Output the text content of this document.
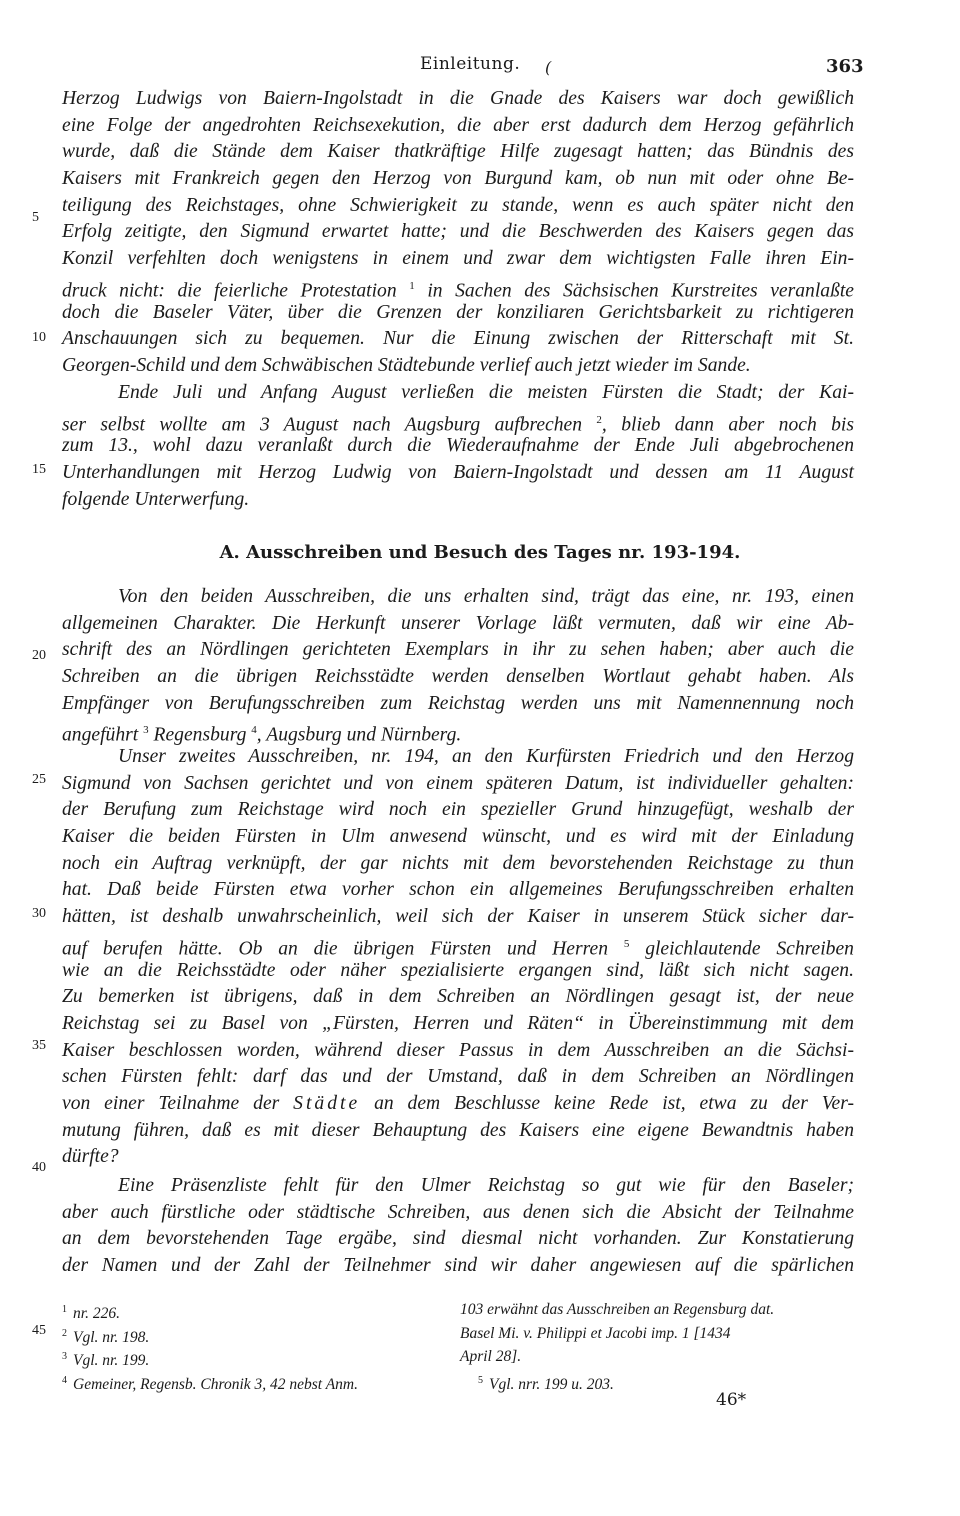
Einleitung. (	363
Herzog Ludwigs von Baiern-Ingolstadt in die Gnade des Kaisers war doch gewißlich
eine Folge der angedrohten Reichsexekution, die aber erst dadurch dem Herzog gefährlich
wurde, daß die Stände dem Kaiser thatkräftige Hilfe zugesagt hatten; das Bündnis des
Kaisers mit Frankreich gegen den Herzog von Burgund kam, ob nun mit oder ohne Be-
teiligung des Reichstages, ohne Schwierigkeit zu stande, wenn es auch später nicht den
Erfolg zeitigte, den Sigmund erwartet hatte; und die Beschwerden des Kaisers gegen das
Konzil verfehlten doch wenigstens in einem und zwar dem wichtigsten Falle ihren Ein-
druck nicht: die feierliche Protestation $^1$ in Sachen des Sächsischen Kurstreites veranlaßte
doch die Baseler Väter, über die Grenzen der konziliaren Gerichtsbarkeit zu richtigeren
Anschauungen sich zu bequemen. Nur die Einung zwischen der Ritterschaft mit St.
Georgen-Schild und dem Schwäbischen Städtebunde verlief auch jetzt wieder im Sande.
Ende Juli und Anfang August verließen die meisten Fürsten die Stadt; der Kai-
ser selbst wollte am 3 August nach Augsburg aufbrechen $^2$, blieb dann aber noch bis
zum 13., wohl dazu veranlaßt durch die Wiederaufnahme der Ende Juli abgebrochenen
Unterhandlungen mit Herzog Ludwig von Baiern-Ingolstadt und dessen am 11 August
folgende Unterwerfung.
A. Ausschreiben und Besuch des Tages nr. 193-194.
Von den beiden Ausschreiben, die uns erhalten sind, trägt das eine, nr. 193, einen
allgemeinen Charakter. Die Herkunft unserer Vorlage läßt vermuten, daß wir eine Ab-
schrift des an Nördlingen gerichteten Exemplars in ihr zu sehen haben; aber auch die
Schreiben an die übrigen Reichsstädte werden denselben Wortlaut gehabt haben. Als
Empfänger von Berufungsschreiben zum Reichstag werden uns mit Namennennung noch
angeführt $^3$ Regensburg $^4$, Augsburg und Nürnberg.
Unser zweites Ausschreiben, nr. 194, an den Kurfürsten Friedrich und den Herzog
Sigmund von Sachsen gerichtet und von einem späteren Datum, ist individueller gehalten:
der Berufung zum Reichstage wird noch ein spezieller Grund hinzugefügt, weshalb der
Kaiser die beiden Fürsten in Ulm anwesend wünscht, und es wird mit der Einladung
noch ein Auftrag verknüpft, der gar nichts mit dem bevorstehenden Reichstage zu thun
hat. Daß beide Fürsten etwa vorher schon ein allgemeines Berufungsschreiben erhalten
hätten, ist deshalb unwahrscheinlich, weil sich der Kaiser in unserem Stück sicher dar-
auf berufen hätte. Ob an die übrigen Fürsten und Herren $^5$ gleichlautende Schreiben
wie an die Reichsstädte oder näher spezialisierte ergangen sind, läßt sich nicht sagen.
Zu bemerken ist übrigens, daß in dem Schreiben an Nördlingen gesagt ist, der neue
Reichstag sei zu Basel von „Fürsten, Herren und Räten“ in Übereinstimmung mit dem
Kaiser beschlossen worden, während dieser Passus in dem Ausschreiben an die Sächsi-
schen Fürsten fehlt: darf das und der Umstand, daß in dem Schreiben an Nördlingen
von einer Teilnahme der Städte an dem Beschlusse keine Rede ist, etwa zu der Ver-
mutung führen, daß es mit dieser Behauptung des Kaisers eine eigene Bewandtnis haben
dürfte?
Eine Präsenzliste fehlt für den Ulmer Reichstag so gut wie für den Baseler;
aber auch fürstliche oder städtische Schreiben, aus denen sich die Absicht der Teilnahme
an dem bevorstehenden Tage ergäbe, sind diesmal nicht vorhanden. Zur Konstatierung
der Namen und der Zahl der Teilnehmer sind wir daher angewiesen auf die spärlichen
5
10
15
20
25
30
35
40
45
$^1$ nr. 226.
$^2$ Vgl. nr. 198.
$^3$ Vgl. nr. 199.
$^4$ Gemeiner, Regensb. Chronik 3, 42 nebst Anm.
103 erwähnt das Ausschreiben an Regensburg dat.
Basel Mi. v. Philippi et Jacobi imp. 1 [1434
April 28].
$^5$ Vgl. nrr. 199 u. 203.
46*
